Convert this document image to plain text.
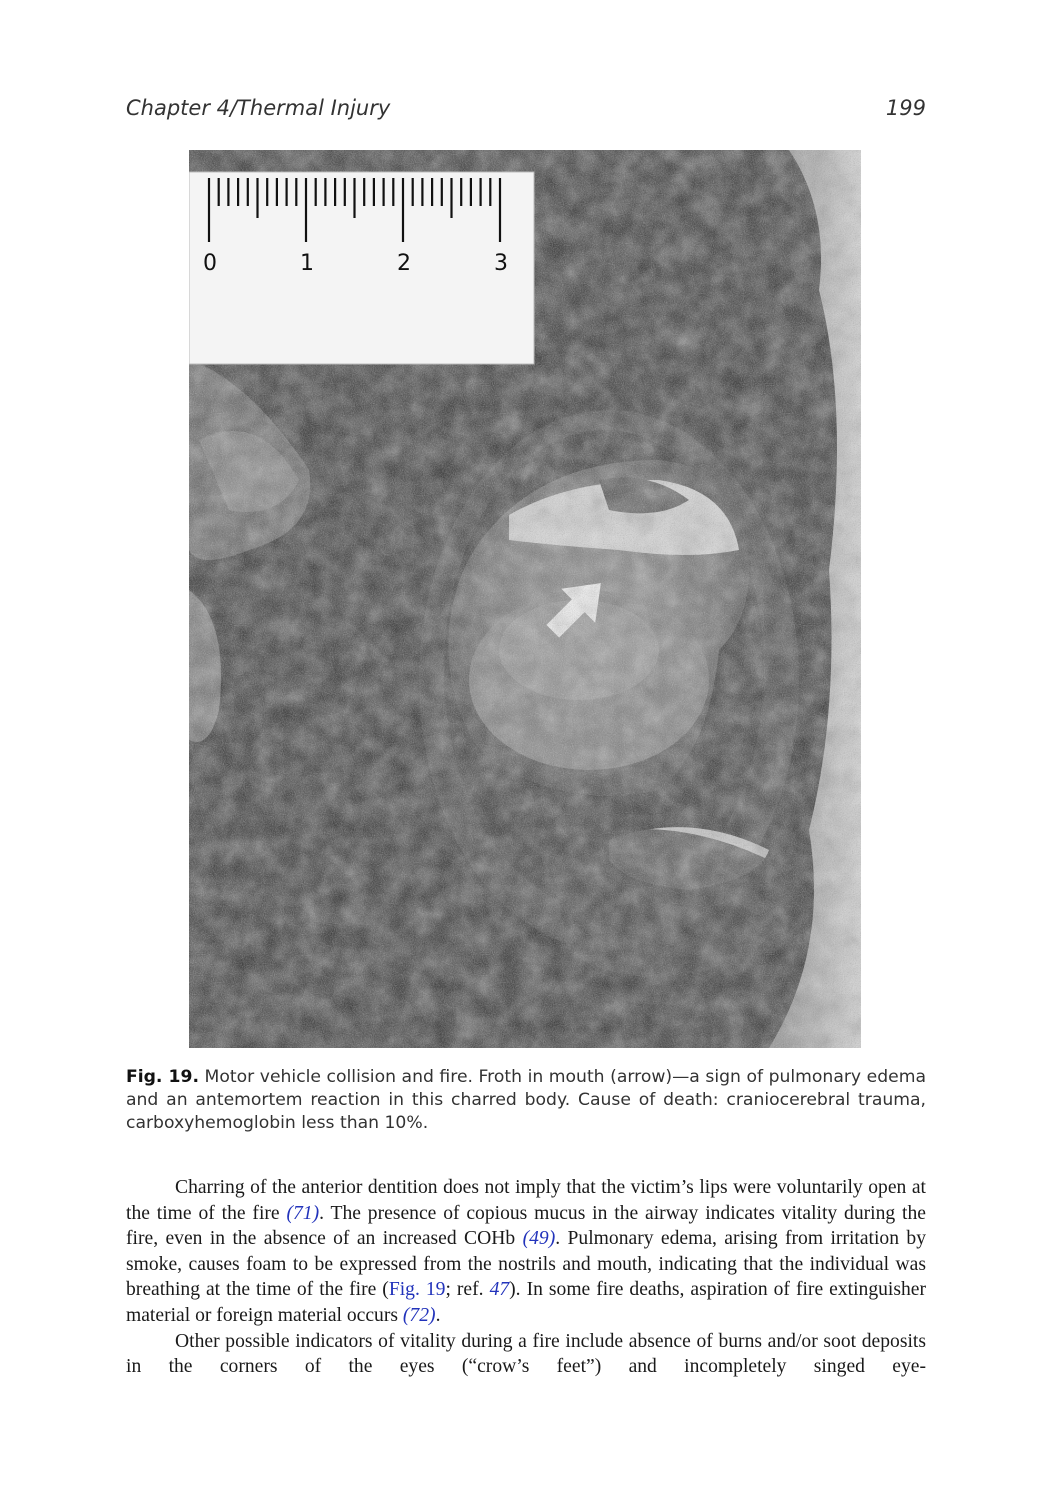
Chapter 4/Thermal Injury	199
0	1	2	3
Fig. 19. Motor vehicle collision and fire. Froth in mouth (arrow)—a sign of pulmonary edema and an antemortem reaction in this charred body. Cause of death: craniocerebral trauma, carboxyhemoglobin less than 10%.

Charring of the anterior dentition does not imply that the victim’s lips were voluntarily open at the time of the fire (71). The presence of copious mucus in the airway indicates vitality during the fire, even in the absence of an increased COHb (49). Pulmonary edema, arising from irritation by smoke, causes foam to be expressed from the nostrils and mouth, indicating that the individual was breathing at the time of the fire (Fig. 19; ref. 47). In some fire deaths, aspiration of fire extinguisher material or foreign material occurs (72).

Other possible indicators of vitality during a fire include absence of burns and/or soot deposits in the corners of the eyes (“crow’s feet”) and incompletely singed eye-
